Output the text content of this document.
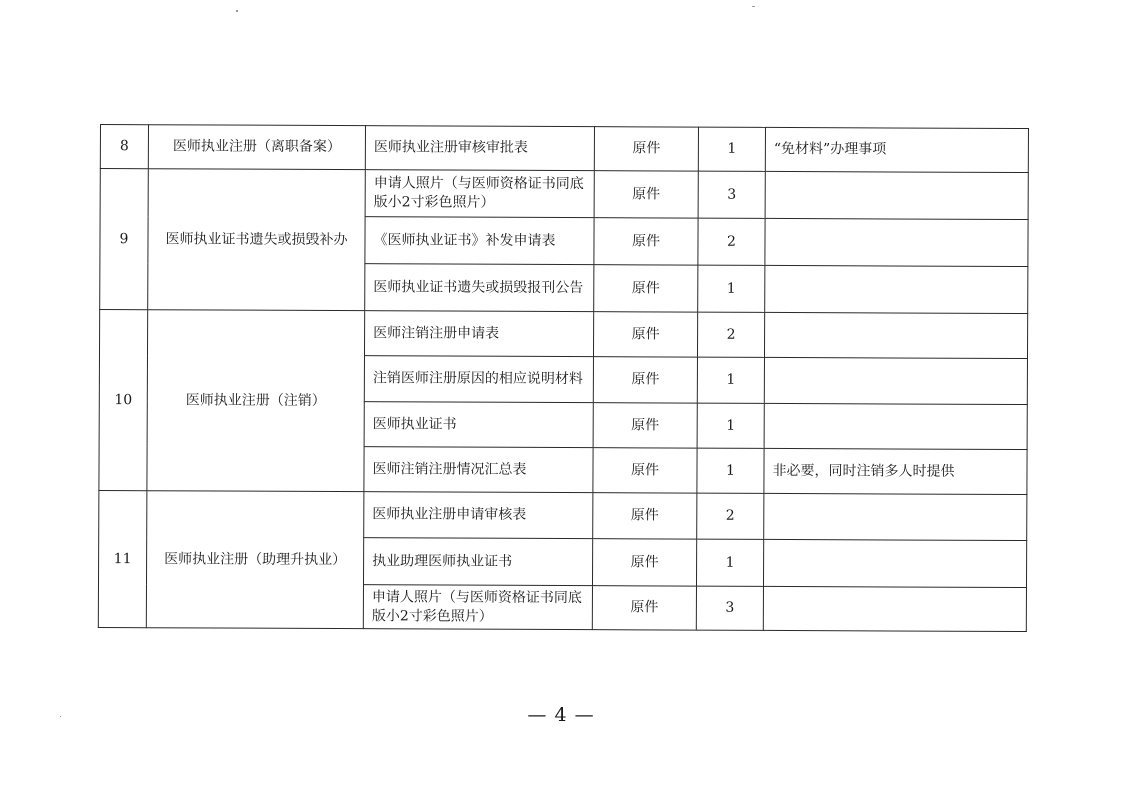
8	医师执业注册（离职备案）	医师执业注册审核审批表	原件	1	“免材料”办理事项
9	医师执业证书遗失或损毁补办	申请人照片（与医师资格证书同底版小2寸彩色照片）	原件	3	
		《医师执业证书》补发申请表	原件	2	
		医师执业证书遗失或损毁报刊公告	原件	1	
10	医师执业注册（注销）	医师注销注册申请表	原件	2	
		注销医师注册原因的相应说明材料	原件	1	
		医师执业证书	原件	1	
		医师注销注册情况汇总表	原件	1	非必要，同时注销多人时提供
11	医师执业注册（助理升执业）	医师执业注册申请审核表	原件	2	
		执业助理医师执业证书	原件	1	
		申请人照片（与医师资格证书同底版小2寸彩色照片）	原件	3	
— 4 —
